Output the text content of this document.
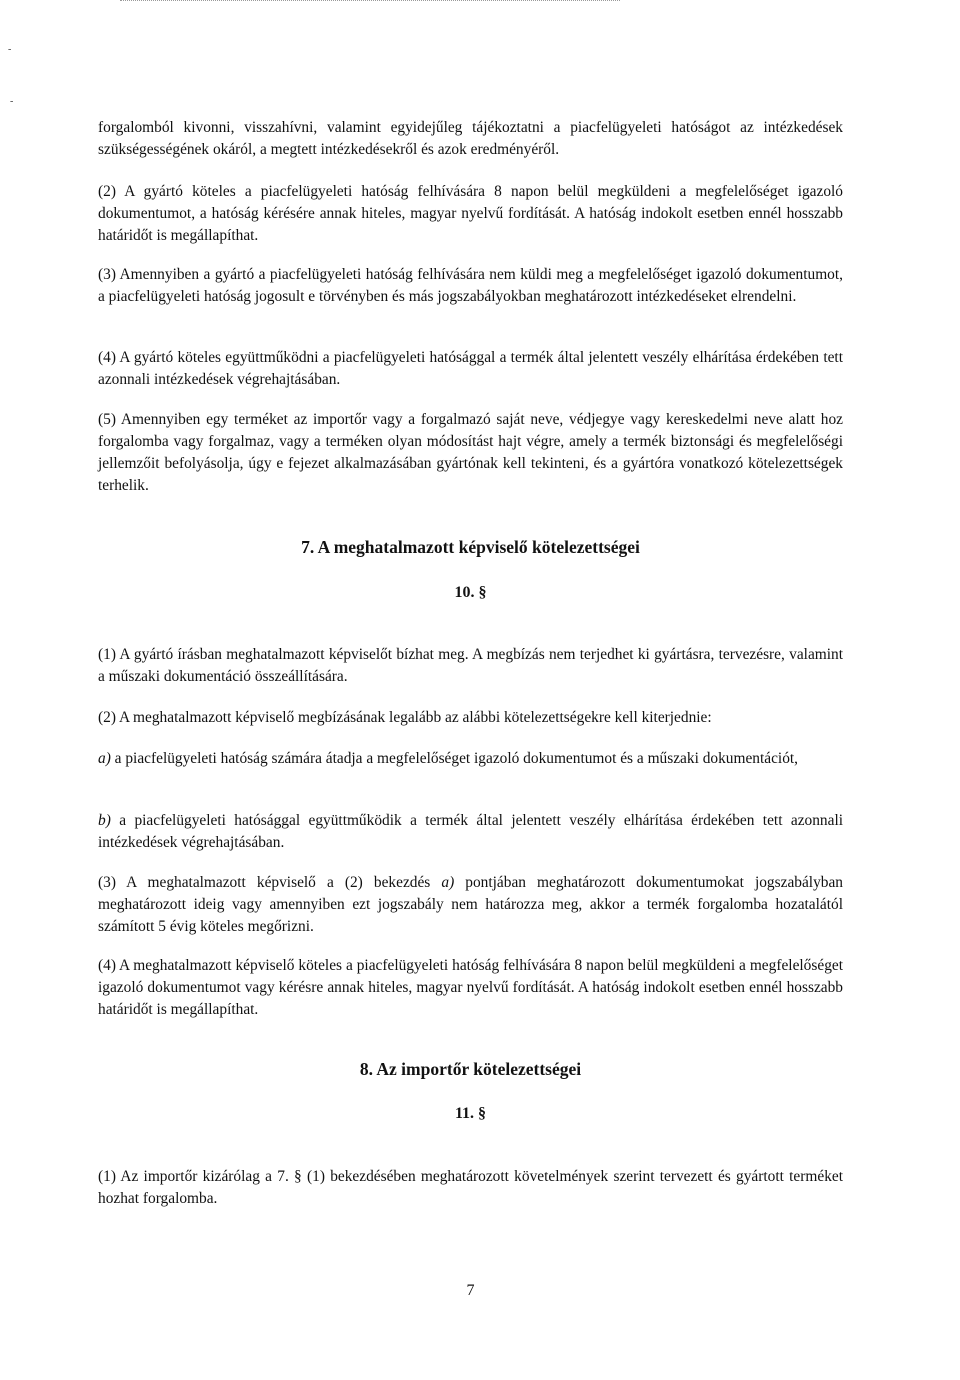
-
-

forgalomból kivonni, visszahívni, valamint egyidejűleg tájékoztatni a piacfelügyeleti hatóságot az intézkedések szükségességének okáról, a megtett intézkedésekről és azok eredményéről.

(2) A gyártó köteles a piacfelügyeleti hatóság felhívására 8 napon belül megküldeni a megfelelőséget igazoló dokumentumot, a hatóság kérésére annak hiteles, magyar nyelvű fordítását. A hatóság indokolt esetben ennél hosszabb határidőt is megállapíthat.

(3) Amennyiben a gyártó a piacfelügyeleti hatóság felhívására nem küldi meg a megfelelőséget igazoló dokumentumot, a piacfelügyeleti hatóság jogosult e törvényben és más jogszabályokban meghatározott intézkedéseket elrendelni.

(4) A gyártó köteles együttműködni a piacfelügyeleti hatósággal a termék által jelentett veszély elhárítása érdekében tett azonnali intézkedések végrehajtásában.

(5) Amennyiben egy terméket az importőr vagy a forgalmazó saját neve, védjegye vagy kereskedelmi neve alatt hoz forgalomba vagy forgalmaz, vagy a terméken olyan módosítást hajt végre, amely a termék biztonsági és megfelelőségi jellemzőit befolyásolja, úgy e fejezet alkalmazásában gyártónak kell tekinteni, és a gyártóra vonatkozó kötelezettségek terhelik.

7. A meghatalmazott képviselő kötelezettségei
10. §

(1) A gyártó írásban meghatalmazott képviselőt bízhat meg. A megbízás nem terjedhet ki gyártásra, tervezésre, valamint a műszaki dokumentáció összeállítására.

(2) A meghatalmazott képviselő megbízásának legalább az alábbi kötelezettségekre kell kiterjednie:

a) a piacfelügyeleti hatóság számára átadja a megfelelőséget igazoló dokumentumot és a műszaki dokumentációt,

b) a piacfelügyeleti hatósággal együttműködik a termék által jelentett veszély elhárítása érdekében tett azonnali intézkedések végrehajtásában.

(3) A meghatalmazott képviselő a (2) bekezdés a) pontjában meghatározott dokumentumokat jogszabályban meghatározott ideig vagy amennyiben ezt jogszabály nem határozza meg, akkor a termék forgalomba hozatalától számított 5 évig köteles megőrizni.

(4) A meghatalmazott képviselő köteles a piacfelügyeleti hatóság felhívására 8 napon belül megküldeni a megfelelőséget igazoló dokumentumot vagy kérésre annak hiteles, magyar nyelvű fordítását. A hatóság indokolt esetben ennél hosszabb határidőt is megállapíthat.

8. Az importőr kötelezettségei
11. §

(1) Az importőr kizárólag a 7. § (1) bekezdésében meghatározott követelmények szerint tervezett és gyártott terméket hozhat forgalomba.

7
